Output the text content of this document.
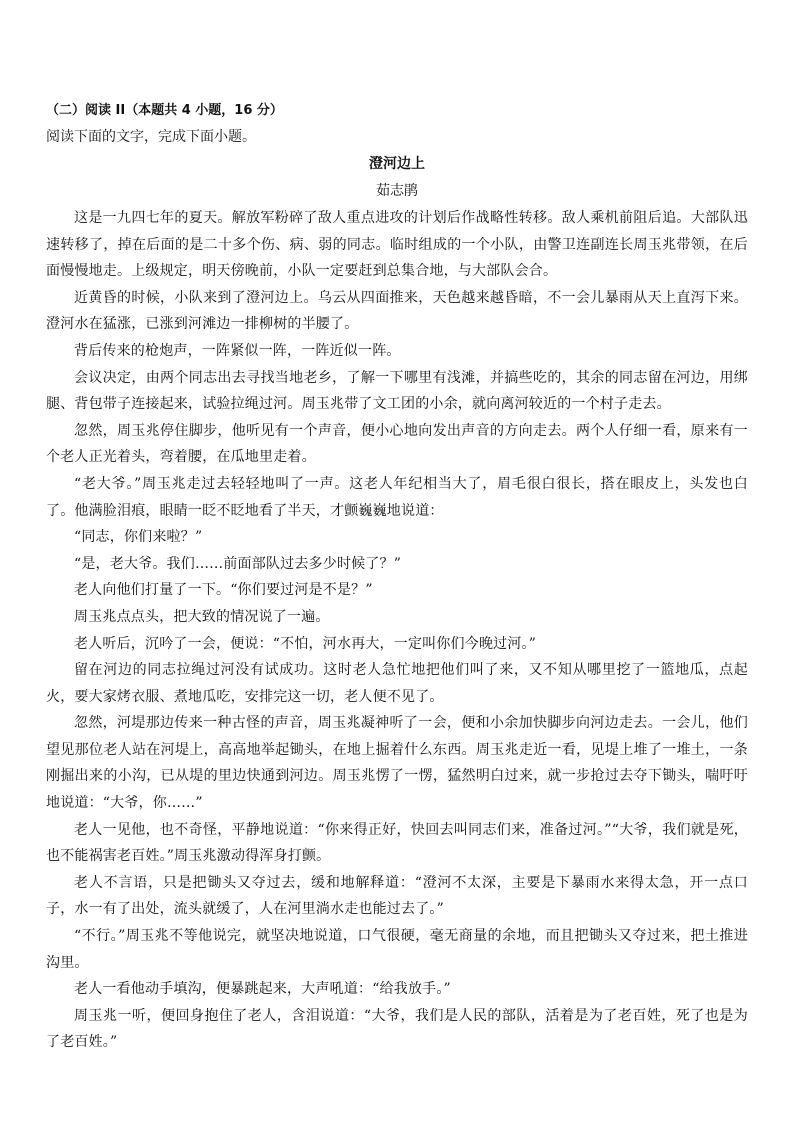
（二）阅读 II（本题共 4 小题，16 分）
阅读下面的文字，完成下面小题。
澄河边上
茹志鹃

这是一九四七年的夏天。解放军粉碎了敌人重点进攻的计划后作战略性转移。敌人乘机前阻后追。大部队迅速转移了，掉在后面的是二十多个伤、病、弱的同志。临时组成的一个小队，由警卫连副连长周玉兆带领，在后面慢慢地走。上级规定，明天傍晚前，小队一定要赶到总集合地，与大部队会合。

近黄昏的时候，小队来到了澄河边上。乌云从四面推来，天色越来越昏暗，不一会儿暴雨从天上直泻下来。澄河水在猛涨，已涨到河滩边一排柳树的半腰了。

背后传来的枪炮声，一阵紧似一阵，一阵近似一阵。

会议决定，由两个同志出去寻找当地老乡，了解一下哪里有浅滩，并搞些吃的，其余的同志留在河边，用绑腿、背包带子连接起来，试验拉绳过河。周玉兆带了文工团的小余，就向离河较近的一个村子走去。

忽然，周玉兆停住脚步，他听见有一个声音，便小心地向发出声音的方向走去。两个人仔细一看，原来有一个老人正光着头，弯着腰，在瓜地里走着。

“老大爷。”周玉兆走过去轻轻地叫了一声。这老人年纪相当大了，眉毛很白很长，搭在眼皮上，头发也白了。他满脸泪痕，眼睛一眨不眨地看了半天，才颤巍巍地说道：

“同志，你们来啦？”

“是，老大爷。我们……前面部队过去多少时候了？”

老人向他们打量了一下。“你们要过河是不是？”

周玉兆点点头，把大致的情况说了一遍。

老人听后，沉吟了一会，便说：“不怕，河水再大，一定叫你们今晚过河。”

留在河边的同志拉绳过河没有试成功。这时老人急忙地把他们叫了来，又不知从哪里挖了一篮地瓜，点起火，要大家烤衣服、煮地瓜吃，安排完这一切，老人便不见了。

忽然，河堤那边传来一种古怪的声音，周玉兆凝神听了一会，便和小余加快脚步向河边走去。一会儿，他们望见那位老人站在河堤上，高高地举起锄头，在地上掘着什么东西。周玉兆走近一看，见堤上堆了一堆土，一条刚掘出来的小沟，已从堤的里边快通到河边。周玉兆愣了一愣，猛然明白过来，就一步抢过去夺下锄头，喘吁吁地说道：“大爷，你……”

老人一见他，也不奇怪，平静地说道：“你来得正好，快回去叫同志们来，准备过河。”“大爷，我们就是死，也不能祸害老百姓。”周玉兆激动得浑身打颤。

老人不言语，只是把锄头又夺过去，缓和地解释道：“澄河不太深，主要是下暴雨水来得太急，开一点口子，水一有了出处，流头就缓了，人在河里淌水走也能过去了。”

“不行。”周玉兆不等他说完，就坚决地说道，口气很硬，毫无商量的余地，而且把锄头又夺过来，把土推进沟里。

老人一看他动手填沟，便暴跳起来，大声吼道：“给我放手。”

周玉兆一听，便回身抱住了老人，含泪说道：“大爷，我们是人民的部队，活着是为了老百姓，死了也是为了老百姓。”
